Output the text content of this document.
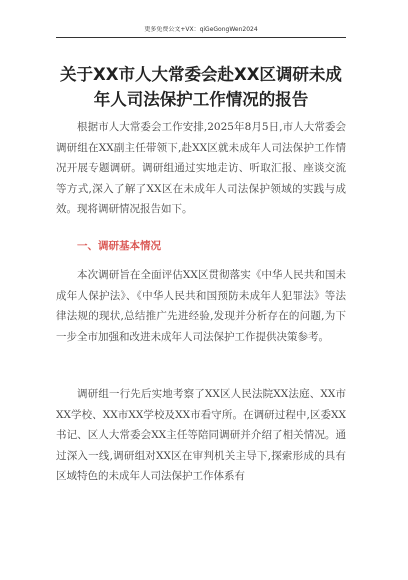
更多免费公文+VX：qiGeGongWen2024
关于XX市人大常委会赴XX区调研未成年人司法保护工作情况的报告

根据市人大常委会工作安排,2025年8月5日,市人大常委会调研组在XX副主任带领下,赴XX区就未成年人司法保护工作情况开展专题调研。调研组通过实地走访、听取汇报、座谈交流等方式,深入了解了XX区在未成年人司法保护领域的实践与成效。现将调研情况报告如下。

一、调研基本情况

本次调研旨在全面评估XX区贯彻落实《中华人民共和国未成年人保护法》、《中华人民共和国预防未成年人犯罪法》等法律法规的现状,总结推广先进经验,发现并分析存在的问题,为下一步全市加强和改进未成年人司法保护工作提供决策参考。

调研组一行先后实地考察了XX区人民法院XX法庭、XX市XX学校、XX市XX学校及XX市看守所。在调研过程中,区委XX书记、区人大常委会XX主任等陪同调研并介绍了相关情况。通过深入一线,调研组对XX区在审判机关主导下,探索形成的具有区域特色的未成年人司法保护工作体系有
